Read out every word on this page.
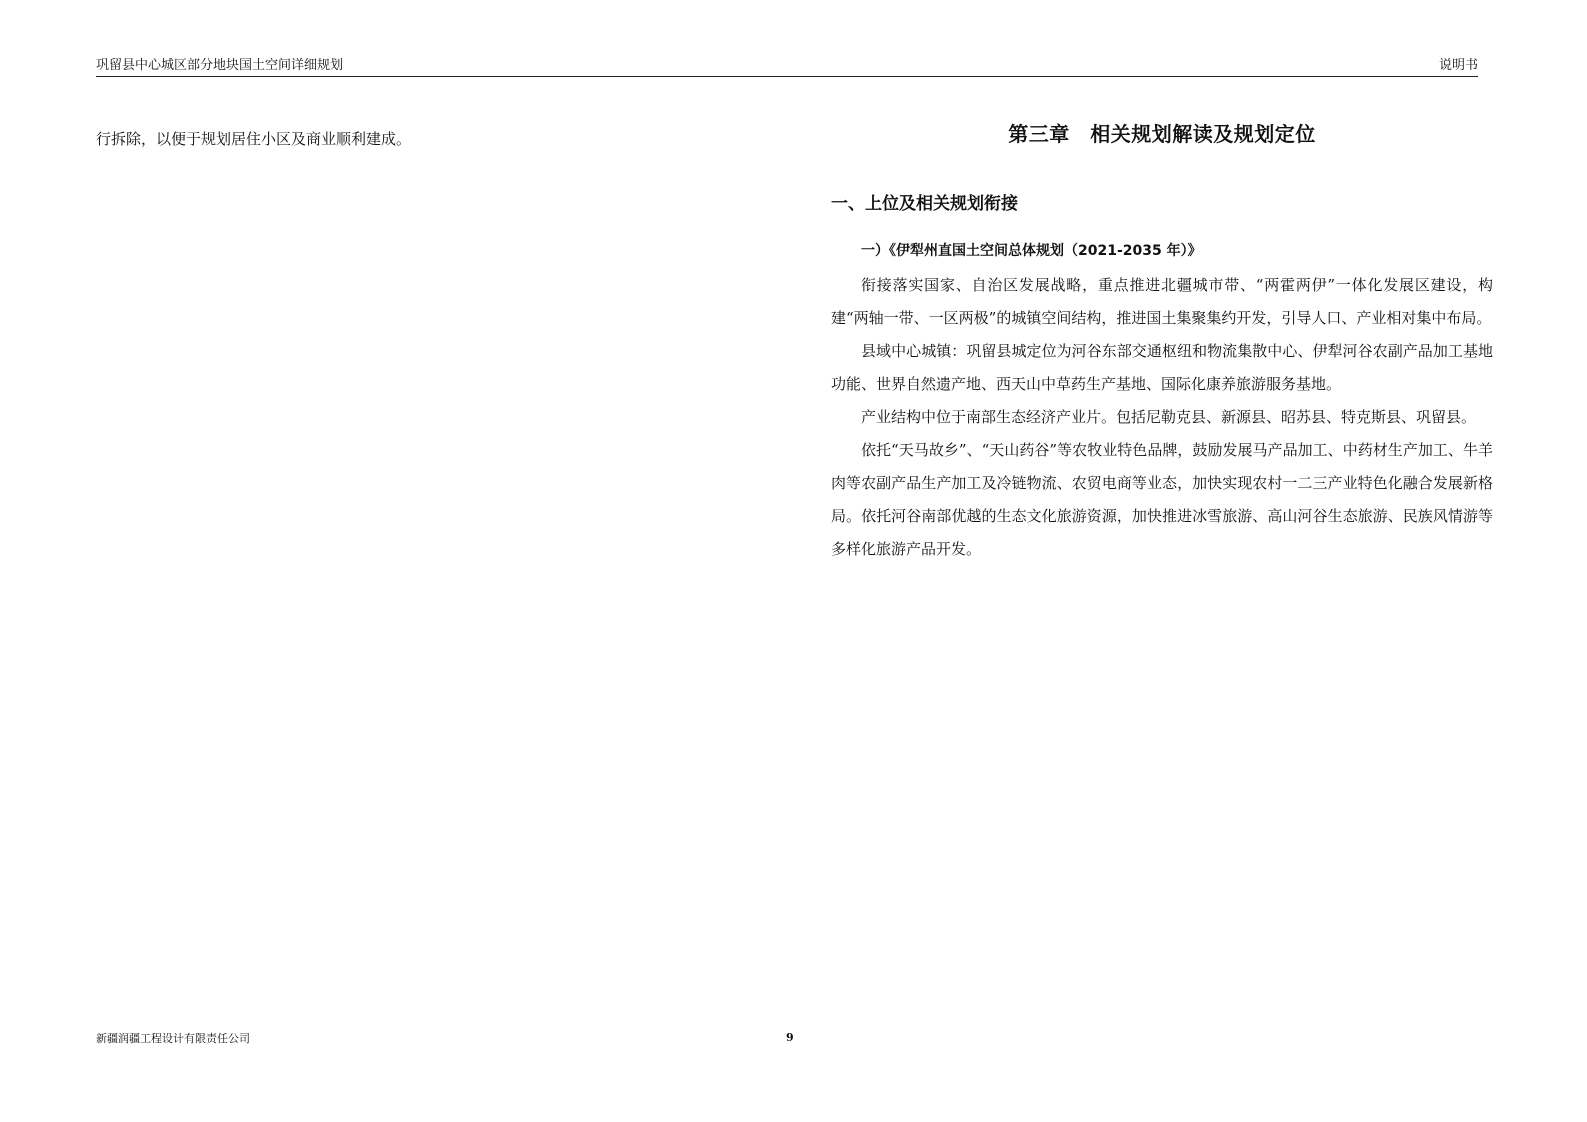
巩留县中心城区部分地块国土空间详细规划	说明书

行拆除，以便于规划居住小区及商业顺利建成。	第三章　相关规划解读及规划定位
一、上位及相关规划衔接
一）《伊犁州直国土空间总体规划（2021-2035 年）》

衔接落实国家、自治区发展战略，重点推进北疆城市带、“两霍两伊”一体化发展区建设，构建“两轴一带、一区两极”的城镇空间结构，推进国土集聚集约开发，引导人口、产业相对集中布局。

县域中心城镇：巩留县城定位为河谷东部交通枢纽和物流集散中心、伊犁河谷农副产品加工基地功能、世界自然遗产地、西天山中草药生产基地、国际化康养旅游服务基地。

产业结构中位于南部生态经济产业片。包括尼勒克县、新源县、昭苏县、特克斯县、巩留县。

依托“天马故乡”、“天山药谷”等农牧业特色品牌，鼓励发展马产品加工、中药材生产加工、牛羊肉等农副产品生产加工及冷链物流、农贸电商等业态，加快实现农村一二三产业特色化融合发展新格局。依托河谷南部优越的生态文化旅游资源，加快推进冰雪旅游、高山河谷生态旅游、民族风情游等多样化旅游产品开发。

新疆润疆工程设计有限责任公司	9
